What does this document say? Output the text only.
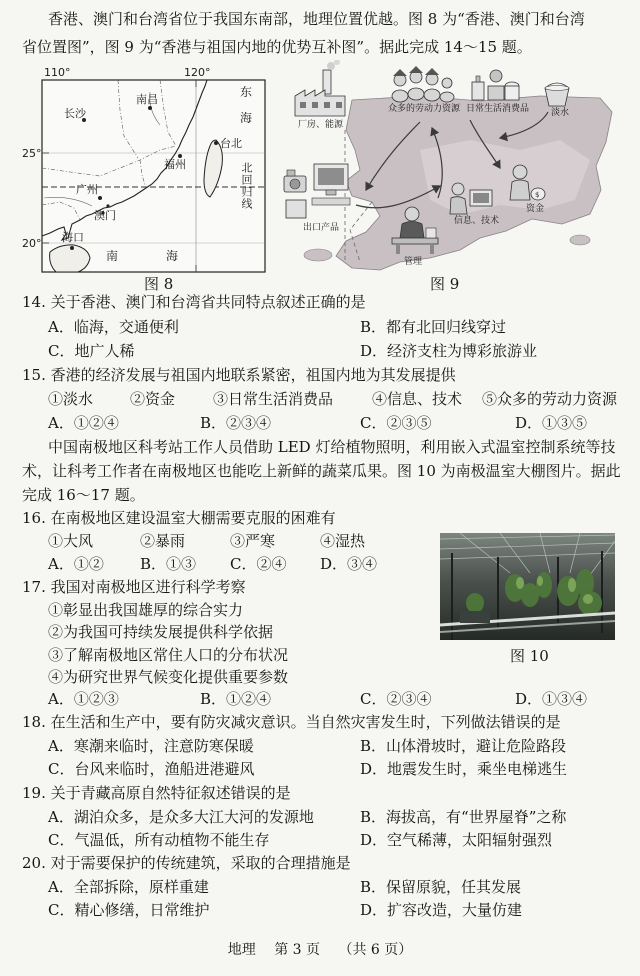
香港、澳门和台湾省位于我国东南部，地理位置优越。图 8 为“香港、澳门和台湾
省位置图”，图 9 为“香港与祖国内地的优势互补图”。据此完成 14～15 题。
$
110°	120°
25°
20°
长沙
南昌
福州
台北
广州
澳门
海口
东
海
北回归线
南	海
厂房、能源
众多的劳动力资源 日常生活消费品 淡水
资金
出口产品
信息、技术
管理
图 8	图 9
14. 关于香港、澳门和台湾省共同特点叙述正确的是
A．临海，交通便利	B．都有北回归线穿过
C．地广人稀	D．经济支柱为博彩旅游业
15. 香港的经济发展与祖国内地联系紧密，祖国内地为其发展提供
①淡水 ②资金	③日常生活消费品	④信息、技术 ⑤众多的劳动力资源
A．①②④	B．②③④	C．②③⑤	D．①③⑤
中国南极地区科考站工作人员借助 LED 灯给植物照明，利用嵌入式温室控制系统等技
术，让科考工作者在南极地区也能吃上新鲜的蔬菜瓜果。图 10 为南极温室大棚图片。据此
完成 16～17 题。
16. 在南极地区建设温室大棚需要克服的困难有
①大风	②暴雨	③严寒	④湿热
A．①② B．①③ C．②④ D．③④
图 10
17. 我国对南极地区进行科学考察
①彰显出我国雄厚的综合实力
②为我国可持续发展提供科学依据
③了解南极地区常住人口的分布状况
④为研究世界气候变化提供重要参数
A．①②③	B．①②④	C．②③④	D．①③④
18. 在生活和生产中，要有防灾减灾意识。当自然灾害发生时，下列做法错误的是
A．寒潮来临时，注意防寒保暖	B．山体滑坡时，避让危险路段
C．台风来临时，渔船进港避风	D．地震发生时，乘坐电梯逃生
19. 关于青藏高原自然特征叙述错误的是
A．湖泊众多，是众多大江大河的发源地	B．海拔高，有“世界屋脊”之称
C．气温低，所有动植物不能生存	D．空气稀薄，太阳辐射强烈
20. 对于需要保护的传统建筑，采取的合理措施是
A．全部拆除，原样重建	B．保留原貌，任其发展
C．精心修缮，日常维护	D．扩容改造，大量仿建
地理 第 3 页 （共 6 页）
